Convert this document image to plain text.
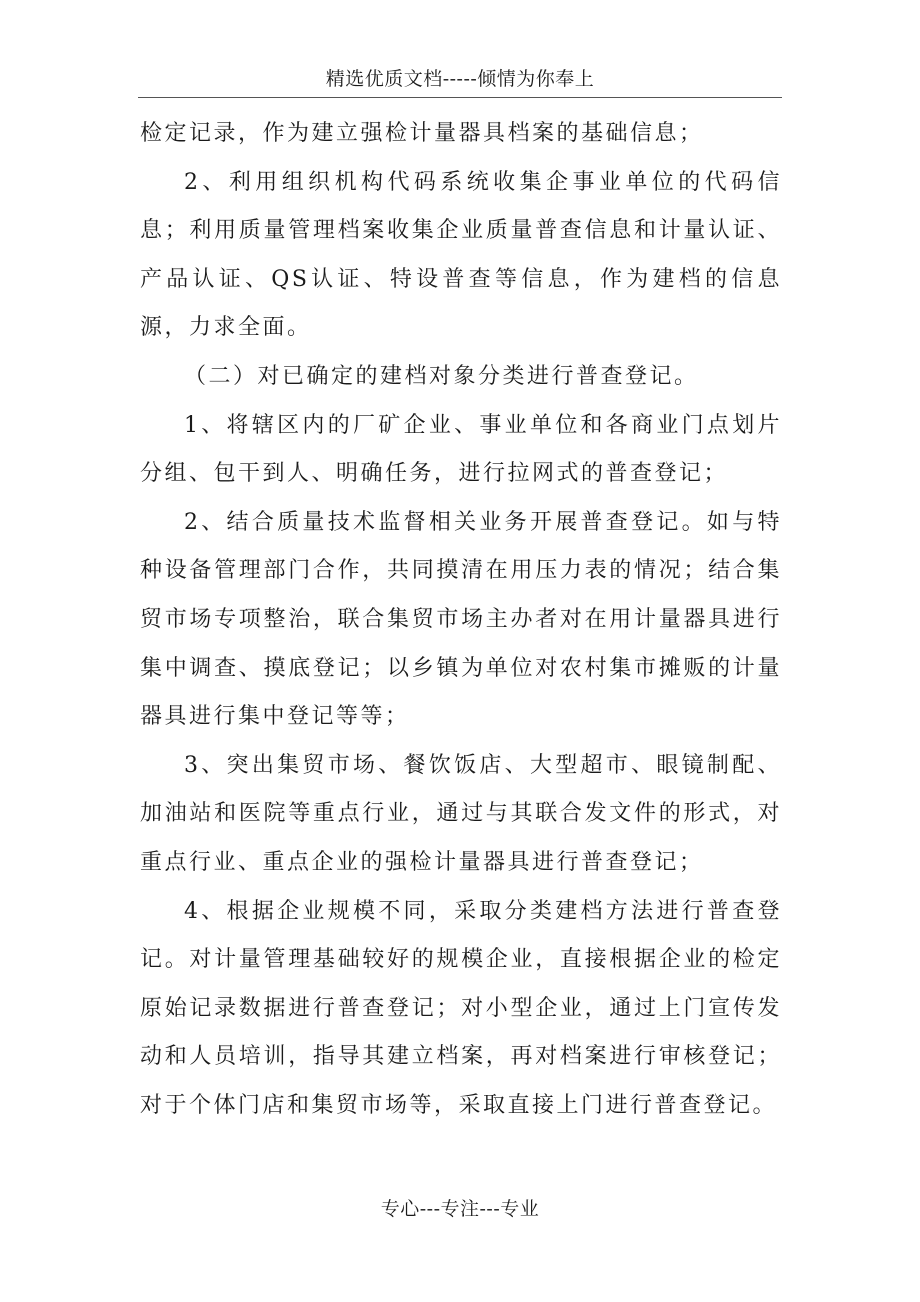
精选优质文档-----倾情为你奉上

检定记录，作为建立强检计量器具档案的基础信息；

2、利用组织机构代码系统收集企事业单位的代码信息；利用质量管理档案收集企业质量普查信息和计量认证、产品认证、QS认证、特设普查等信息，作为建档的信息源，力求全面。

（二）对已确定的建档对象分类进行普查登记。

1、将辖区内的厂矿企业、事业单位和各商业门点划片分组、包干到人、明确任务，进行拉网式的普查登记；

2、结合质量技术监督相关业务开展普查登记。如与特种设备管理部门合作，共同摸清在用压力表的情况；结合集贸市场专项整治，联合集贸市场主办者对在用计量器具进行集中调查、摸底登记；以乡镇为单位对农村集市摊贩的计量器具进行集中登记等等；

3、突出集贸市场、餐饮饭店、大型超市、眼镜制配、加油站和医院等重点行业，通过与其联合发文件的形式，对重点行业、重点企业的强检计量器具进行普查登记；

4、根据企业规模不同，采取分类建档方法进行普查登记。对计量管理基础较好的规模企业，直接根据企业的检定原始记录数据进行普查登记；对小型企业，通过上门宣传发动和人员培训，指导其建立档案，再对档案进行审核登记；对于个体门店和集贸市场等，采取直接上门进行普查登记。

专心---专注---专业
